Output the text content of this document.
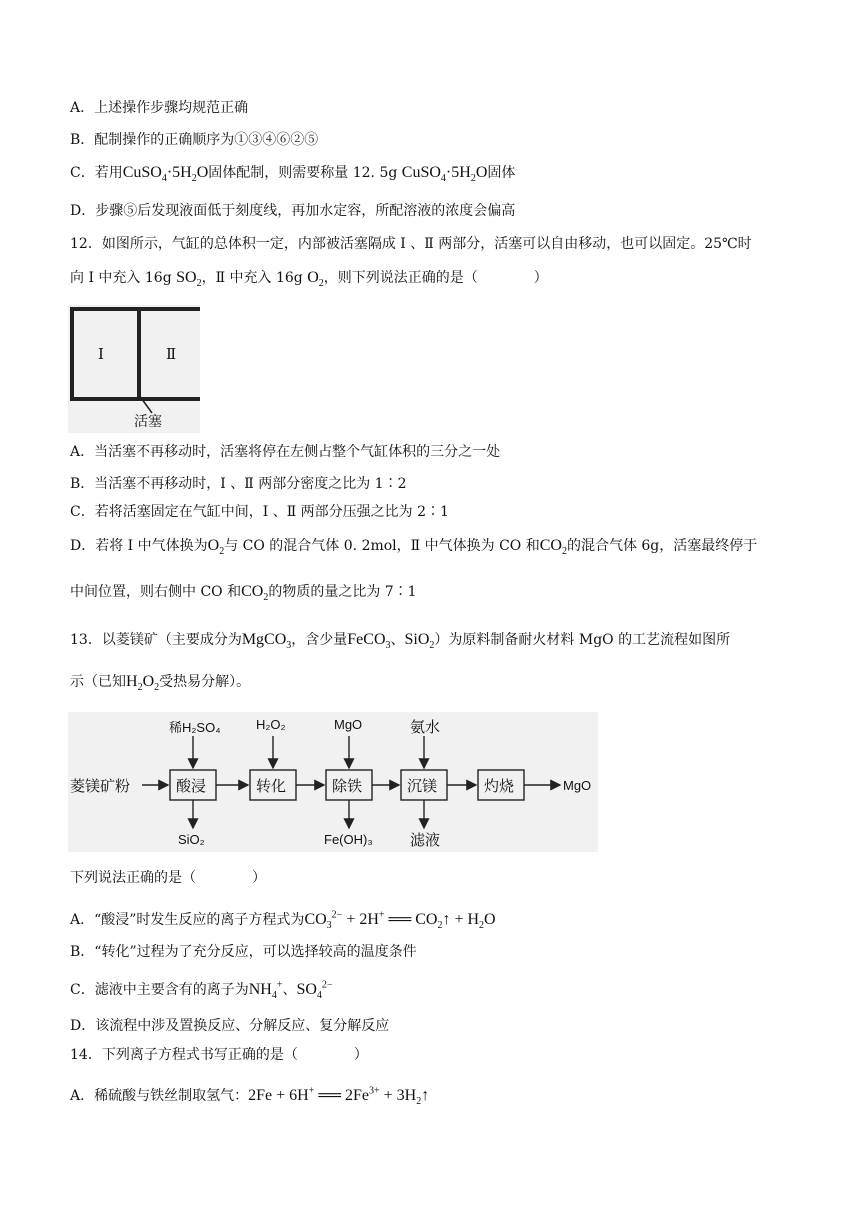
A．上述操作步骤均规范正确
B．配制操作的正确顺序为①③④⑥②⑤
C．若用$CuSO_4\cdot 5H_2O$固体配制，则需要称量 12. 5g $CuSO_4\cdot 5H_2O$固体
D．步骤⑤后发现液面低于刻度线，再加水定容，所配溶液的浓度会偏高
12．如图所示，气缸的总体积一定，内部被活塞隔成 Ⅰ 、Ⅱ 两部分，活塞可以自由移动，也可以固定。25℃时
向 Ⅰ 中充入 16g $SO_2$，Ⅱ 中充入 16g $O_2$，则下列说法正确的是（　　　　）
Ⅰ	Ⅱ
活塞
A．当活塞不再移动时，活塞将停在左侧占整个气缸体积的三分之一处
B．当活塞不再移动时，Ⅰ 、Ⅱ 两部分密度之比为 1∶2
C．若将活塞固定在气缸中间，Ⅰ 、Ⅱ 两部分压强之比为 2∶1
D．若将 Ⅰ 中气体换为$O_2$与 CO 的混合气体 0. 2mol，Ⅱ 中气体换为 CO 和$CO_2$的混合气体 6g，活塞最终停于
中间位置，则右侧中 CO 和$CO_2$的物质的量之比为 7∶1
13．以菱镁矿（主要成分为MgCO$_3$，含少量FeCO$_3$、SiO$_2$）为原料制备耐火材料 MgO 的工艺流程如图所
示（已知$H_2O_2$受热易分解）。
菱镁矿粉	酸浸	转化	除铁	沉镁	灼烧	MgO
稀H₂SO₄	H₂O₂	MgO	氨水
SiO₂	Fe(OH)₃ 滤液
下列说法正确的是（　　　　）
A．“酸浸”时发生反应的离子方程式为$CO_3^{2-} + 2H^+$ ══ $CO_2↑ + H_2O$
B．“转化”过程为了充分反应，可以选择较高的温度条件
C．滤液中主要含有的离子为$NH_4^+$、$SO_4^{2-}$
D．该流程中涉及置换反应、分解反应、复分解反应
14．下列离子方程式书写正确的是（　　　　）
A．稀硫酸与铁丝制取氢气：2Fe + 6H+ ══ $2Fe^{3+}$ + $3H_2↑$
